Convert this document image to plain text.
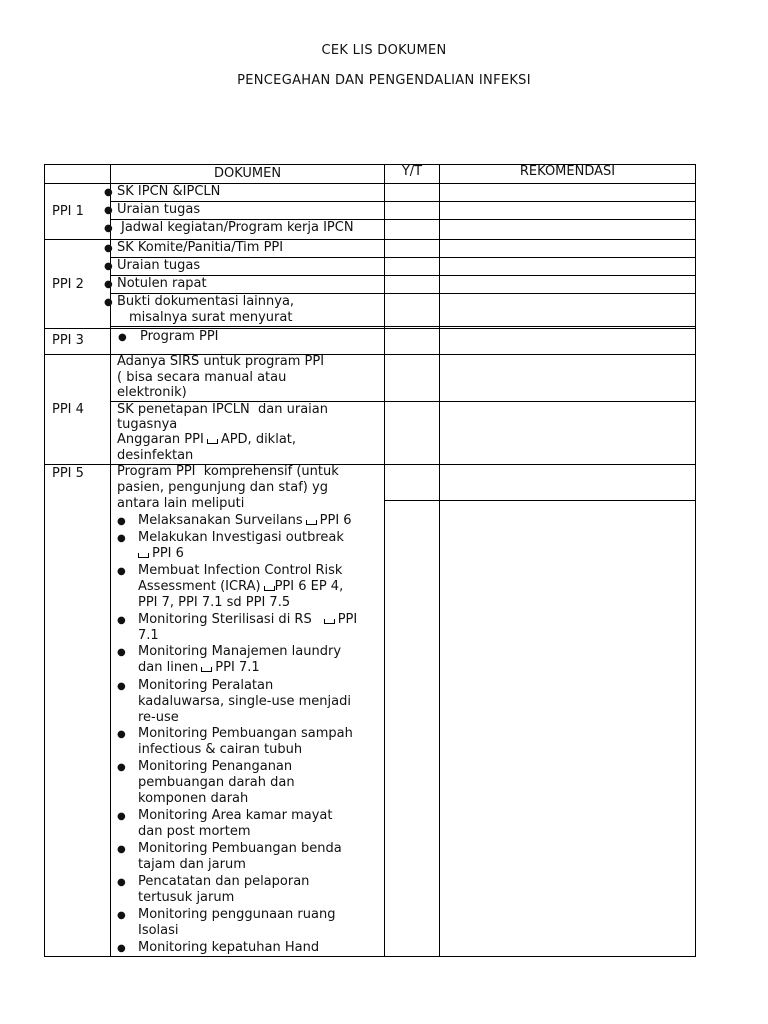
CEK LIS DOKUMEN
PENCEGAHAN DAN PENGENDALIAN INFEKSI
DOKUMEN	Y/T	REKOMENDASI
PPI 1
PPI 2
PPI 3
PPI 4
PPI 5
● SK IPCN &IPCLN
● Uraian tugas
● Jadwal kegiatan/Program kerja IPCN
● SK Komite/Panitia/Tim PPI
● Uraian tugas
● Notulen rapat
● Bukti dokumentasi lainnya,
misalnya surat menyurat
● Program PPI
Adanya SIRS untuk program PPI
( bisa secara manual atau
elektronik)
SK penetapan IPCLN  dan uraian
tugasnya
Anggaran PPI APD, diklat,
desinfektan
Program PPI  komprehensif (untuk
pasien, pengunjung dan staf) yg
antara lain meliputi
● Melaksanakan Surveilans PPI 6
● Melakukan Investigasi outbreak
PPI 6
● Membuat Infection Control Risk
Assessment (ICRA) PPI 6 EP 4,
PPI 7, PPI 7.1 sd PPI 7.5
● Monitoring Sterilisasi di RS PPI
7.1
● Monitoring Manajemen laundry
dan linen PPI 7.1
● Monitoring Peralatan
kadaluwarsa, single-use menjadi
re-use
● Monitoring Pembuangan sampah
infectious & cairan tubuh
● Monitoring Penanganan
pembuangan darah dan
komponen darah
● Monitoring Area kamar mayat
dan post mortem
● Monitoring Pembuangan benda
tajam dan jarum
● Pencatatan dan pelaporan
tertusuk jarum
● Monitoring penggunaan ruang
Isolasi
● Monitoring kepatuhan Hand
